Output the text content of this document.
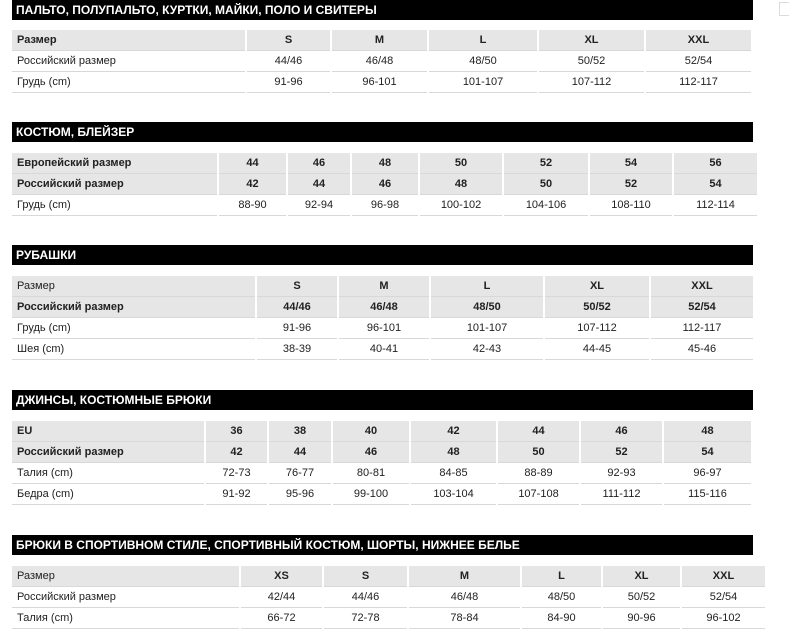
ПАЛЬТО, ПОЛУПАЛЬТО, КУРТКИ, МАЙКИ, ПОЛО И СВИТЕРЫ
Размер	S	M	L	XL	XXL
Российский размер	44/46	46/48	48/50	50/52	52/54
Грудь (cm)	91-96	96-101	101-107	107-112	112-117
КОСТЮМ, БЛЕЙЗЕР
Европейский размер	44	46	48	50	52	54	56
Российский размер	42	44	46	48	50	52	54
Грудь (cm)	88-90	92-94	96-98	100-102	104-106	108-110	112-114
РУБАШКИ
Размер	S	M	L	XL	XXL
Российский размер	44/46	46/48	48/50	50/52	52/54
Грудь (cm)	91-96	96-101	101-107	107-112	112-117
Шея (cm)	38-39	40-41	42-43	44-45	45-46
ДЖИНСЫ, КОСТЮМНЫЕ БРЮКИ
EU	36	38	40	42	44	46	48
Российский размер	42	44	46	48	50	52	54
Талия (cm)	72-73	76-77	80-81	84-85	88-89	92-93	96-97
Бедра (cm)	91-92	95-96	99-100	103-104	107-108	111-112	115-116
БРЮКИ В СПОРТИВНОМ СТИЛЕ, СПОРТИВНЫЙ КОСТЮМ, ШОРТЫ, НИЖНЕЕ БЕЛЬЕ
Размер	XS	S	M	L	XL	XXL
Российский размер	42/44	44/46	46/48	48/50	50/52	52/54
Талия (cm)	66-72	72-78	78-84	84-90	90-96	96-102
